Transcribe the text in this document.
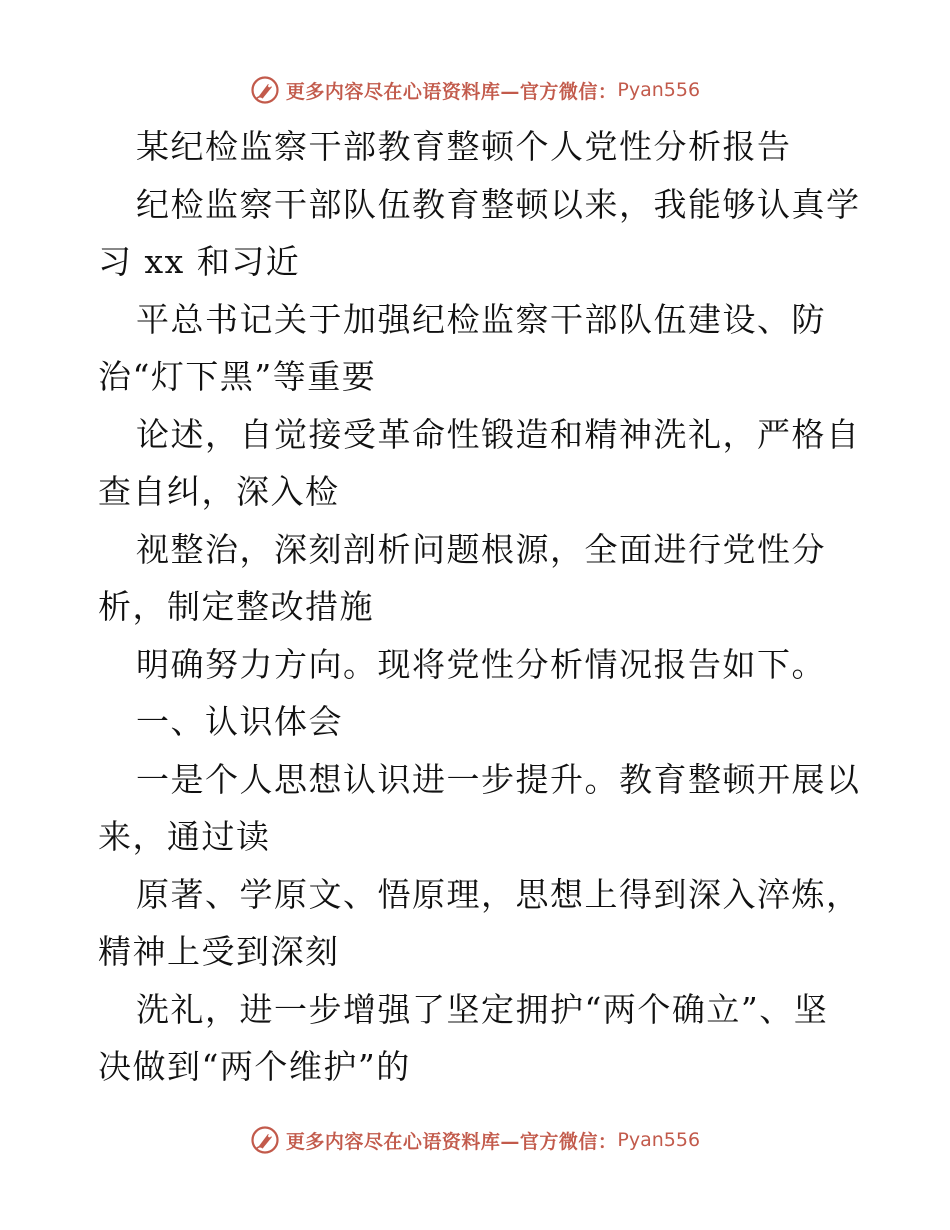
更多内容尽在心语资料库—官方微信： Pyan556
某纪检监察干部教育整顿个人党性分析报告
纪检监察干部队伍教育整顿以来，我能够认真学
习 xx 和习近
平总书记关于加强纪检监察干部队伍建设、防
治“灯下黑”等重要
论述，自觉接受革命性锻造和精神洗礼，严格自
查自纠，深入检
视整治，深刻剖析问题根源，全面进行党性分
析，制定整改措施
明确努力方向。现将党性分析情况报告如下。
一、认识体会
一是个人思想认识进一步提升。教育整顿开展以
来，通过读
原著、学原文、悟原理，思想上得到深入淬炼，
精神上受到深刻
洗礼，进一步增强了坚定拥护“两个确立”、坚
决做到“两个维护”的
更多内容尽在心语资料库—官方微信： Pyan556
